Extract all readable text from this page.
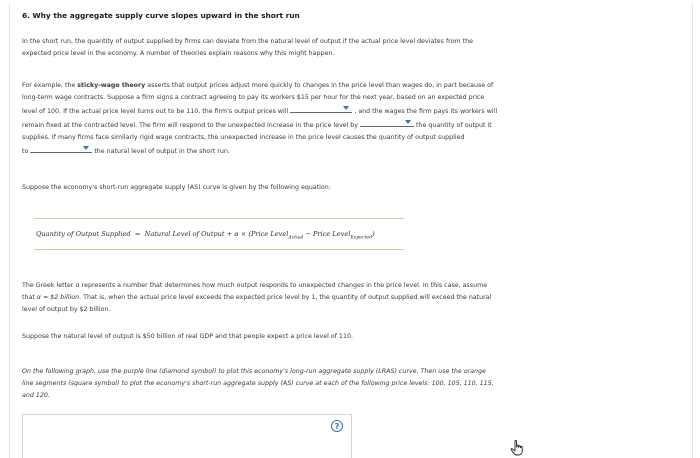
6. Why the aggregate supply curve slopes upward in the short run

In the short run, the quantity of output supplied by firms can deviate from the natural level of output if the actual price level deviates from the
expected price level in the economy. A number of theories explain reasons why this might happen.

For example, the sticky-wage theory asserts that output prices adjust more quickly to changes in the price level than wages do, in part because of
long-term wage contracts. Suppose a firm signs a contract agreeing to pay its workers $15 per hour for the next year, based on an expected price
level of 100. If the actual price level turns out to be 110, the firm's output prices will	, and the wages the firm pays its workers will
remain fixed at the contracted level. The firm will respond to the unexpected increase in the price level by	the quantity of output it
supplies. If many firms face similarly rigid wage contracts, the unexpected increase in the price level causes the quantity of output supplied
to	the natural level of output in the short run.

Suppose the economy's short-run aggregate supply (AS) curve is given by the following equation:

Quantity of Output Supplied = Natural Level of Output + α × (Price Level$_{Actual}$ − Price Level$_{Expected}$)

The Greek letter α represents a number that determines how much output responds to unexpected changes in the price level. In this case, assume
that α = $2 billion. That is, when the actual price level exceeds the expected price level by 1, the quantity of output supplied will exceed the natural
level of output by $2 billion.

Suppose the natural level of output is $50 billion of real GDP and that people expect a price level of 110.

On the following graph, use the purple line (diamond symbol) to plot this economy's long-run aggregate supply (LRAS) curve. Then use the orange
line segments (square symbol) to plot the economy's short-run aggregate supply (AS) curve at each of the following price levels: 100, 105, 110, 115,
and 120.

?
